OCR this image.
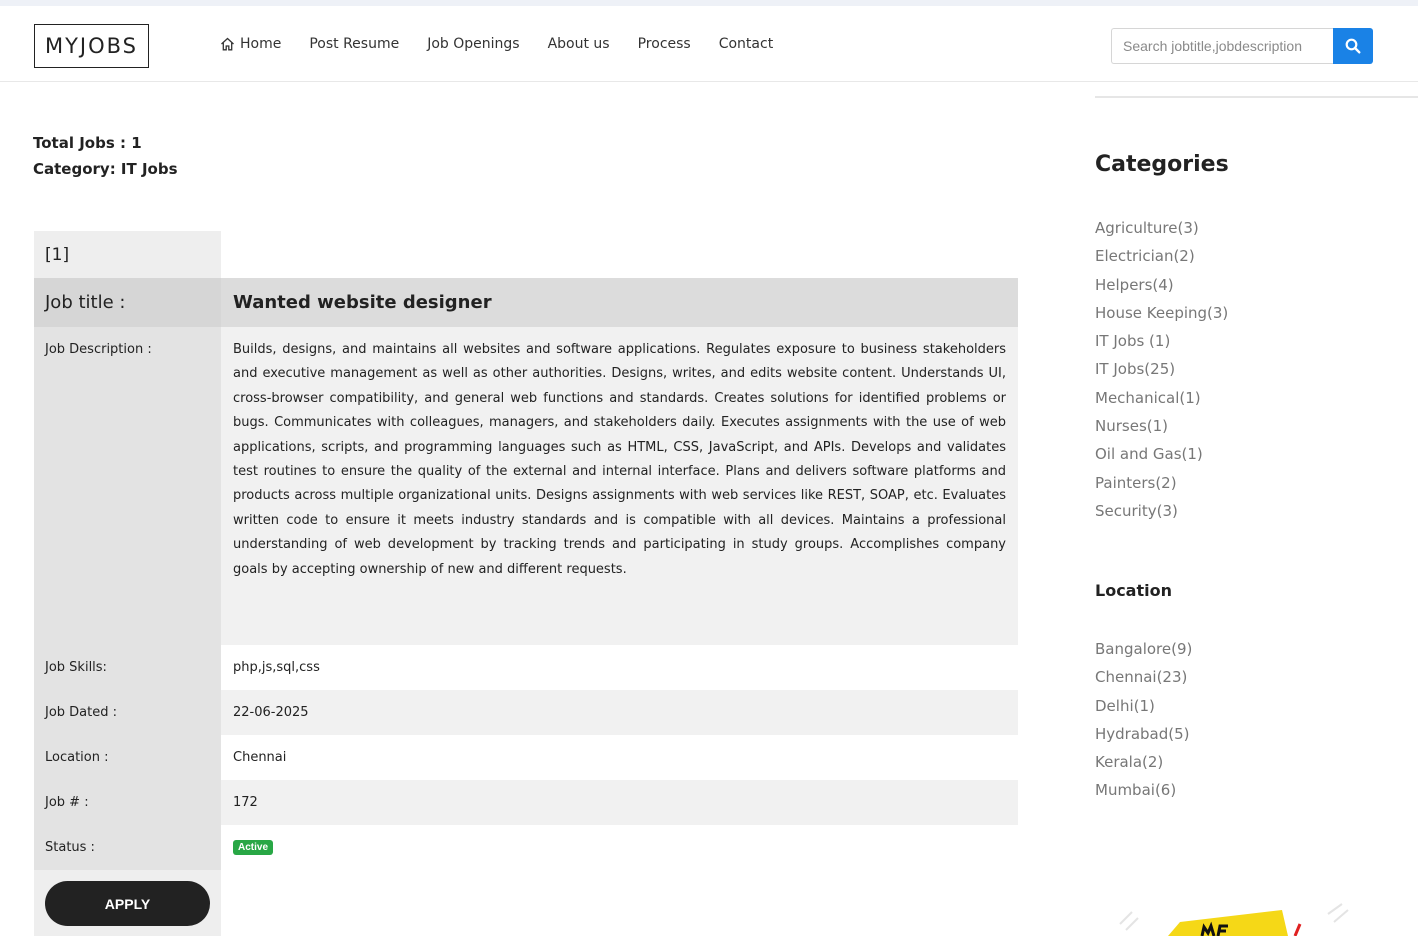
MYJOBS	Home Post Resume Job Openings About us Process Contact
Search jobtitle,jobdescription
Total Jobs : 1
Category: IT Jobs
[1]
Job title :	Wanted website designer
Job Description :	Builds, designs, and maintains all websites and software applications. Regulates exposure to business stakeholders and executive management as well as other authorities. Designs, writes, and edits website content. Understands UI, cross-browser compatibility, and general web functions and standards. Creates solutions for identified problems or bugs. Communicates with colleagues, managers, and stakeholders daily. Executes assignments with the use of web applications, scripts, and programming languages such as HTML, CSS, JavaScript, and APIs. Develops and validates test routines to ensure the quality of the external and internal interface. Plans and delivers software platforms and products across multiple organizational units. Designs assignments with web services like REST, SOAP, etc. Evaluates written code to ensure it meets industry standards and is compatible with all devices. Maintains a professional understanding of web development by tracking trends and participating in study groups. Accomplishes company goals by accepting ownership of new and different requests.
Job Skills:	php,js,sql,css
Job Dated :	22-06-2025
Location :	Chennai
Job # :	172
Status :	Active
APPLY
Categories
Agriculture(3)
Electrician(2)
Helpers(4)
House Keeping(3)
IT Jobs (1)
IT Jobs(25)
Mechanical(1)
Nurses(1)
Oil and Gas(1)
Painters(2)
Security(3)
Location
Bangalore(9)
Chennai(23)
Delhi(1)
Hydrabad(5)
Kerala(2)
Mumbai(6)
